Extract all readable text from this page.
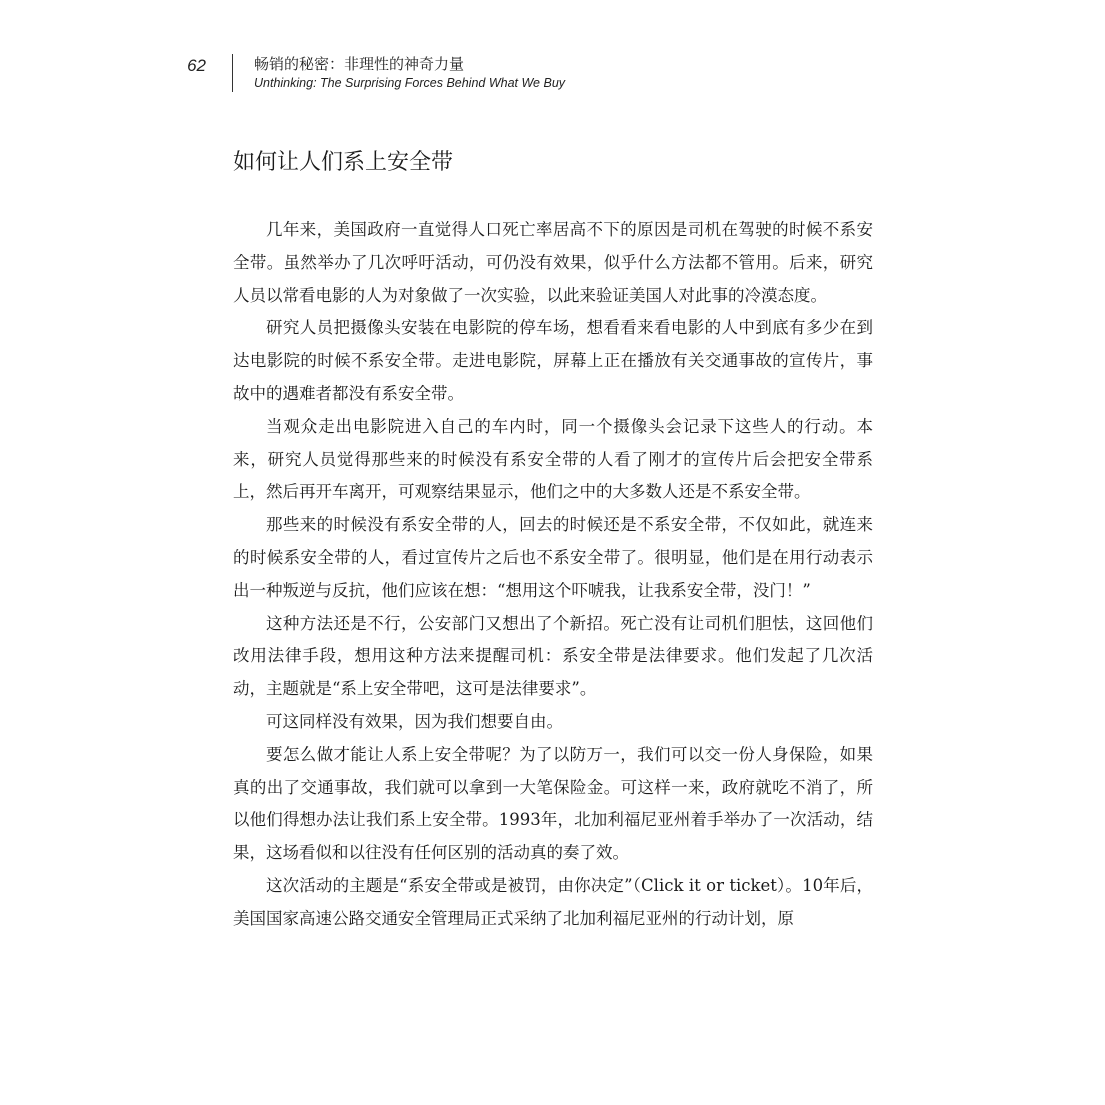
62	畅销的秘密：非理性的神奇力量
Unthinking: The Surprising Forces Behind What We Buy
如何让人们系上安全带

几年来，美国政府一直觉得人口死亡率居高不下的原因是司机在驾驶的时候不系安全带。虽然举办了几次呼吁活动，可仍没有效果，似乎什么方法都不管用。后来，研究人员以常看电影的人为对象做了一次实验，以此来验证美国人对此事的冷漠态度。

研究人员把摄像头安装在电影院的停车场，想看看来看电影的人中到底有多少在到达电影院的时候不系安全带。走进电影院，屏幕上正在播放有关交通事故的宣传片，事故中的遇难者都没有系安全带。

当观众走出电影院进入自己的车内时，同一个摄像头会记录下这些人的行动。本来，研究人员觉得那些来的时候没有系安全带的人看了刚才的宣传片后会把安全带系上，然后再开车离开，可观察结果显示，他们之中的大多数人还是不系安全带。

那些来的时候没有系安全带的人，回去的时候还是不系安全带，不仅如此，就连来的时候系安全带的人，看过宣传片之后也不系安全带了。很明显，他们是在用行动表示出一种叛逆与反抗，他们应该在想：“想用这个吓唬我，让我系安全带，没门！”

这种方法还是不行，公安部门又想出了个新招。死亡没有让司机们胆怯，这回他们改用法律手段，想用这种方法来提醒司机：系安全带是法律要求。他们发起了几次活动，主题就是“系上安全带吧，这可是法律要求”。

可这同样没有效果，因为我们想要自由。

要怎么做才能让人系上安全带呢？为了以防万一，我们可以交一份人身保险，如果真的出了交通事故，我们就可以拿到一大笔保险金。可这样一来，政府就吃不消了，所以他们得想办法让我们系上安全带。1993年，北加利福尼亚州着手举办了一次活动，结果，这场看似和以往没有任何区别的活动真的奏了效。

这次活动的主题是“系安全带或是被罚，由你决定”（Click it or ticket）。10年后，美国国家高速公路交通安全管理局正式采纳了北加利福尼亚州的行动计划，原
